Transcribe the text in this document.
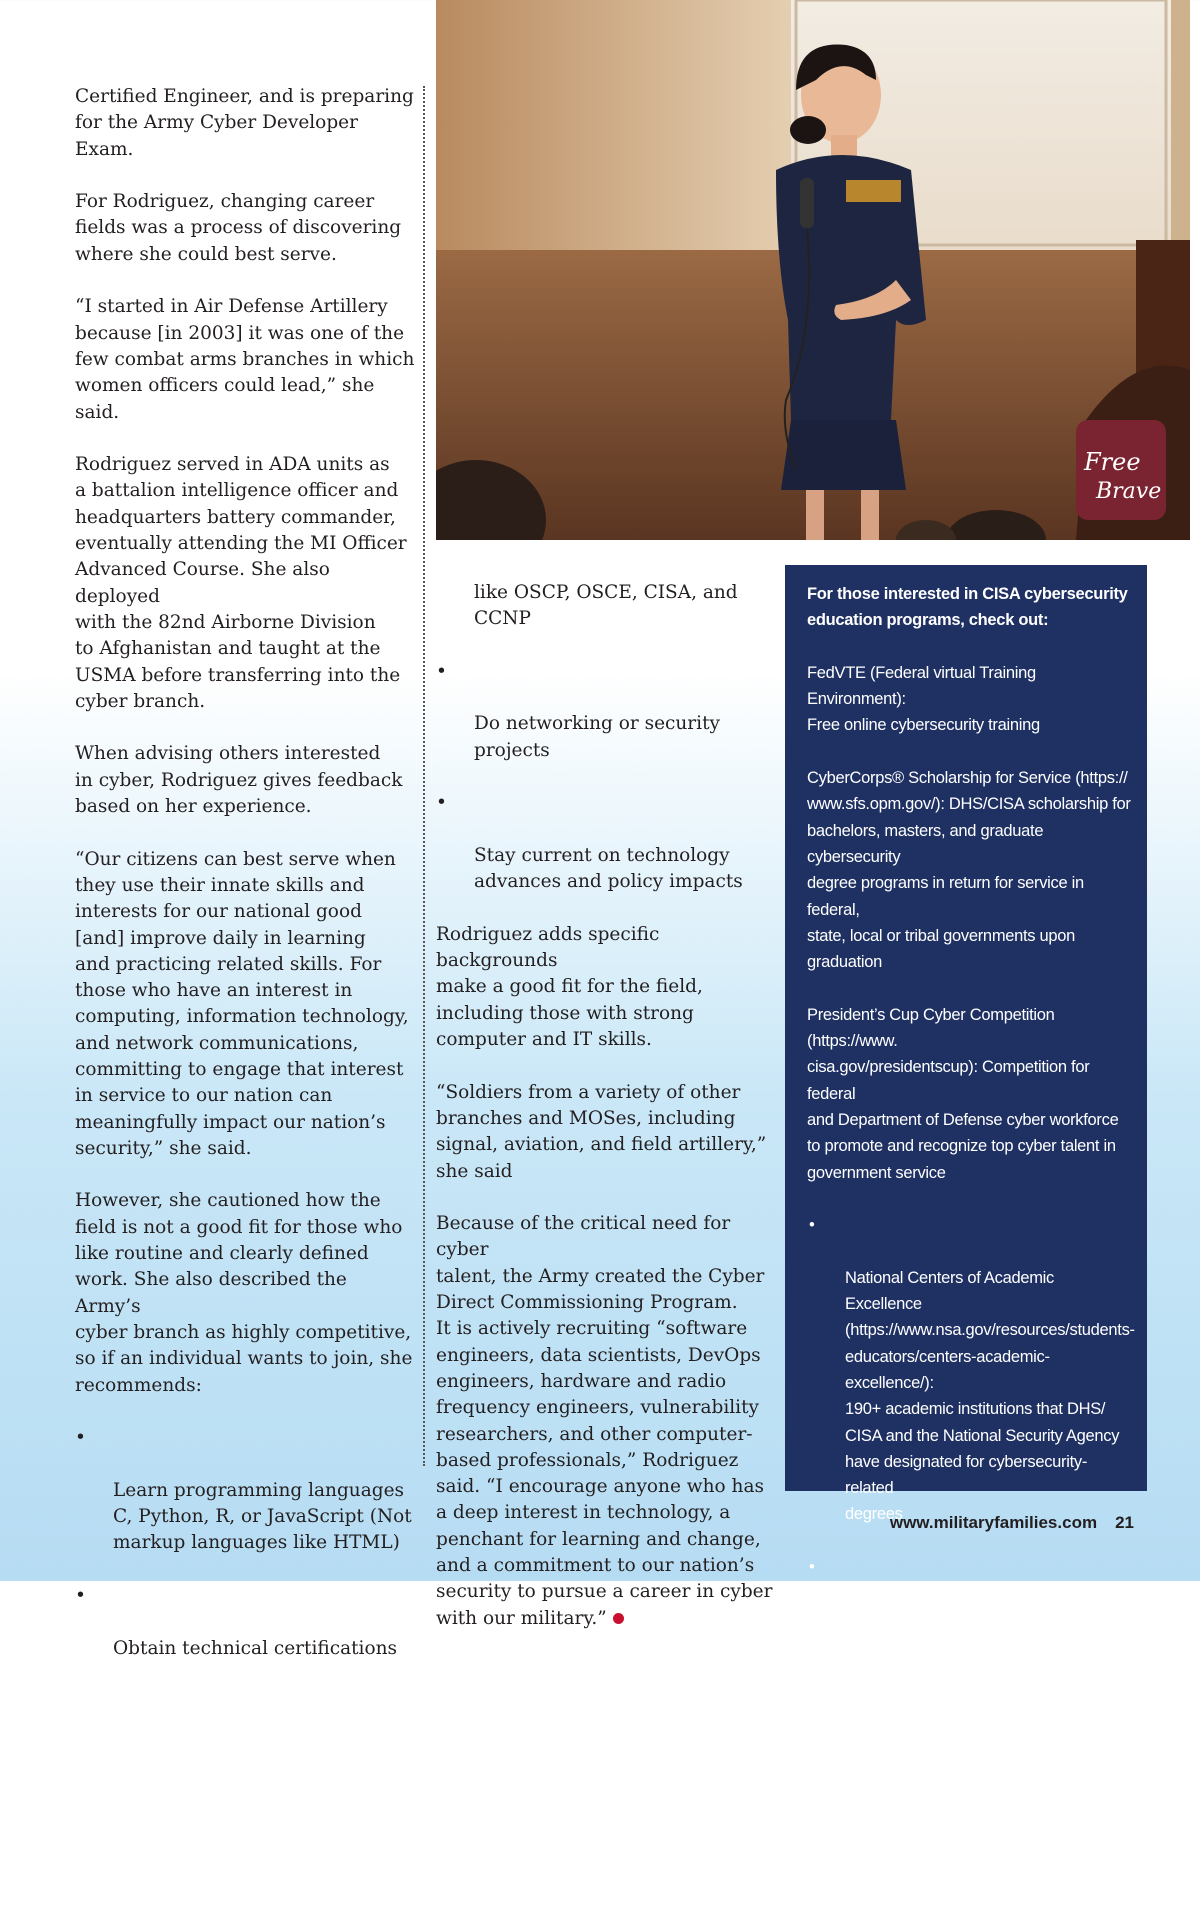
Free
Brave

Certified Engineer, and is preparing
for the Army Cyber Developer
Exam.

For Rodriguez, changing career
fields was a process of discovering
where she could best serve.

“I started in Air Defense Artillery
because [in 2003] it was one of the
few combat arms branches in which
women officers could lead,” she said.

Rodriguez served in ADA units as
a battalion intelligence officer and
headquarters battery commander,
eventually attending the MI Officer
Advanced Course. She also deployed
with the 82nd Airborne Division
to Afghanistan and taught at the
USMA before transferring into the
cyber branch.

When advising others interested
in cyber, Rodriguez gives feedback
based on her experience.

“Our citizens can best serve when
they use their innate skills and
interests for our national good
[and] improve daily in learning
and practicing related skills. For
those who have an interest in
computing, information technology,
and network communications,
committing to engage that interest
in service to our nation can
meaningfully impact our nation’s
security,” she said.

However, she cautioned how the
field is not a good fit for those who
like routine and clearly defined
work. She also described the Army’s
cyber branch as highly competitive,
so if an individual wants to join, she
recommends:

•

Learn programming languages
C, Python, R, or JavaScript (Not
markup languages like HTML)

•

Obtain technical certifications

like OSCP, OSCE, CISA, and
CCNP

•

Do networking or security
projects

•

Stay current on technology
advances and policy impacts

Rodriguez adds specific backgrounds
make a good fit for the field,
including those with strong
computer and IT skills.

“Soldiers from a variety of other
branches and MOSes, including
signal, aviation, and field artillery,”
she said

Because of the critical need for cyber
talent, the Army created the Cyber
Direct Commissioning Program.
It is actively recruiting “software
engineers, data scientists, DevOps
engineers, hardware and radio
frequency engineers, vulnerability
researchers, and other computer-
based professionals,” Rodriguez
said. “I encourage anyone who has
a deep interest in technology, a
penchant for learning and change,
and a commitment to our nation’s
security to pursue a career in cyber
with our military.”

For those interested in CISA cybersecurity
education programs, check out:

FedVTE (Federal virtual Training Environment):
Free online cybersecurity training

CyberCorps® Scholarship for Service (https://
www.sfs.opm.gov/): DHS/CISA scholarship for
bachelors, masters, and graduate cybersecurity
degree programs in return for service in federal,
state, local or tribal governments upon graduation

President’s Cup Cyber Competition (https://www.
cisa.gov/presidentscup): Competition for federal
and Department of Defense cyber workforce
to promote and recognize top cyber talent in
government service

•

National Centers of Academic Excellence
(https://www.nsa.gov/resources/students-
educators/centers-academic-excellence/):
190+ academic institutions that DHS/
CISA and the National Security Agency
have designated for cybersecurity-related
degrees

•

Cybersecurity Education Training Assistance
Program (https://niccs.us-cert.gov/formal-
education/integrating-cybersecurity-
classroom): Cybersecurity curricula and
education tools for K-12 teachers

•

https://niccs.us-cert.gov/: CISA
information on education and training

www.militaryfamilies.com 21
